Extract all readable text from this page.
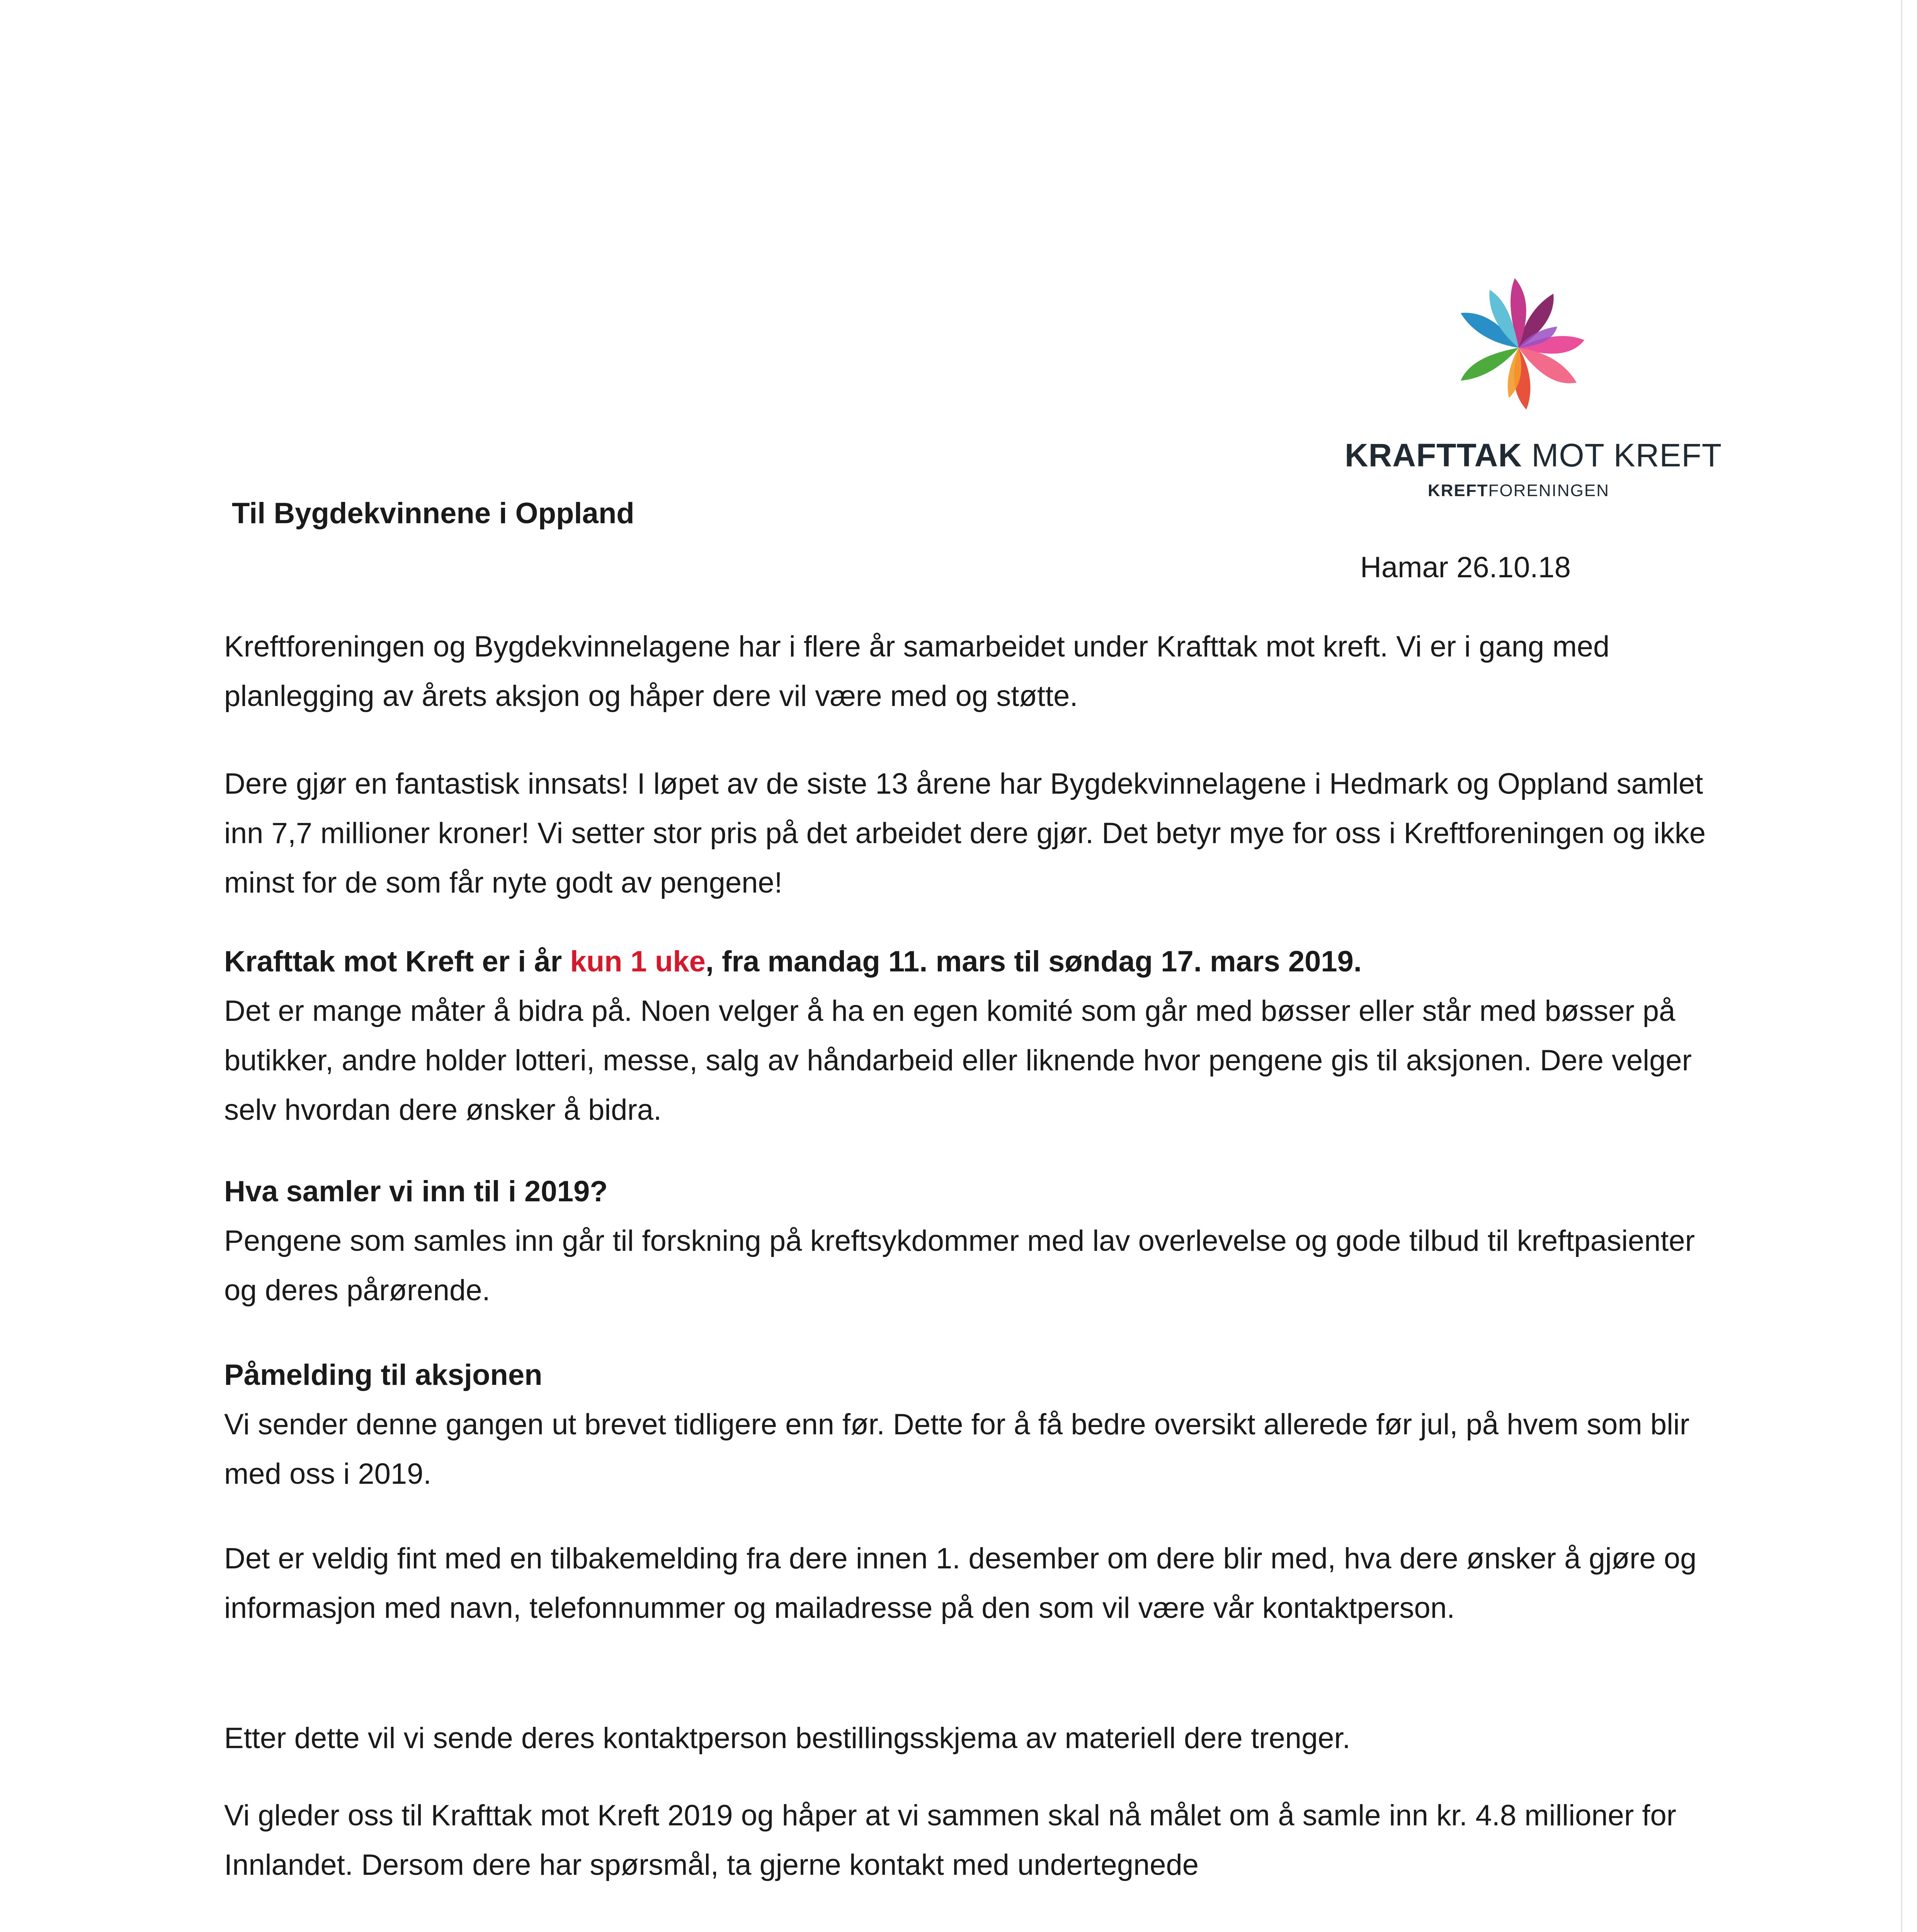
KRAFTTAK MOT KREFT
KREFTFORENINGEN
Til Bygdekvinnene i Oppland
Hamar 26.10.18

Kreftforeningen og Bygdekvinnelagene har i flere år samarbeidet under Krafttak mot kreft. Vi er i gang med planlegging av årets aksjon og håper dere vil være med og støtte.

Dere gjør en fantastisk innsats! I løpet av de siste 13 årene har Bygdekvinnelagene i Hedmark og Oppland samlet inn 7,7 millioner kroner! Vi setter stor pris på det arbeidet dere gjør. Det betyr mye for oss i Kreftforeningen og ikke minst for de som får nyte godt av pengene!

Krafttak mot Kreft er i år kun 1 uke, fra mandag 11. mars til søndag 17. mars 2019.

Det er mange måter å bidra på. Noen velger å ha en egen komité som går med bøsser eller står med bøsser på butikker, andre holder lotteri, messe, salg av håndarbeid eller liknende hvor pengene gis til aksjonen. Dere velger selv hvordan dere ønsker å bidra.

Hva samler vi inn til i 2019?

Pengene som samles inn går til forskning på kreftsykdommer med lav overlevelse og gode tilbud til kreftpasienter og deres pårørende.

Påmelding til aksjonen

Vi sender denne gangen ut brevet tidligere enn før. Dette for å få bedre oversikt allerede før jul, på hvem som blir med oss i 2019.

Det er veldig fint med en tilbakemelding fra dere innen 1. desember om dere blir med, hva dere ønsker å gjøre og informasjon med navn, telefonnummer og mailadresse på den som vil være vår kontaktperson.

Etter dette vil vi sende deres kontaktperson bestillingsskjema av materiell dere trenger.

Vi gleder oss til Krafttak mot Kreft 2019 og håper at vi sammen skal nå målet om å samle inn kr. 4.8 millioner for Innlandet. Dersom dere har spørsmål, ta gjerne kontakt med undertegnede
